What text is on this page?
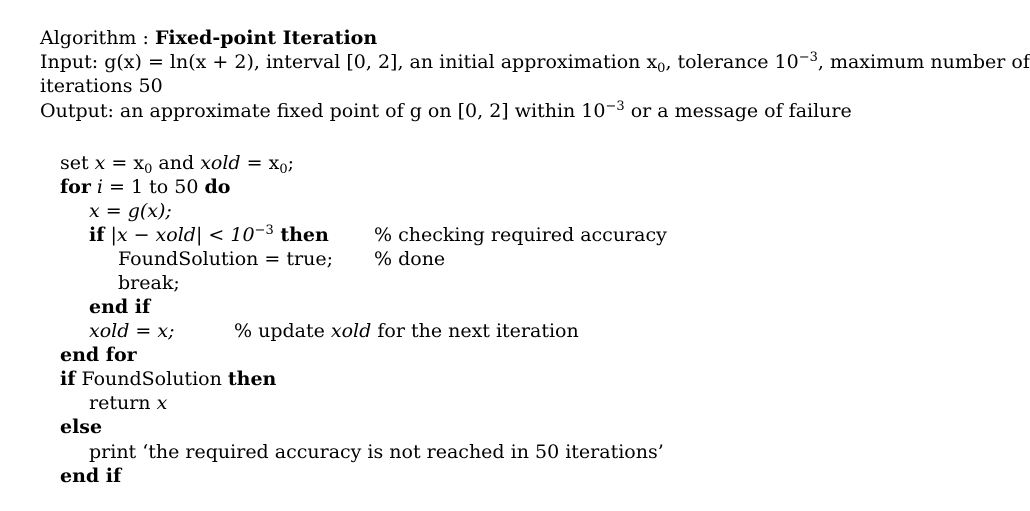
Algorithm : Fixed-point Iteration
Input: g(x) = ln(x + 2), interval [0, 2], an initial approximation $x_0$, tolerance $10^{-3}$, maximum number of
iterations 50
Output: an approximate fixed point of g on [0, 2] within $10^{-3}$ or a message of failure
set $x = x_0$ and xold = $x_0$;
for i = 1 to 50 do
x = g(x);
if |x − xold| < $10^{-3}$ then % checking required accuracy
FoundSolution = true; % done
break;
end if
xold = x;	% update xold for the next iteration
end for
if FoundSolution then
return x
else
print ‘the required accuracy is not reached in 50 iterations’
end if
